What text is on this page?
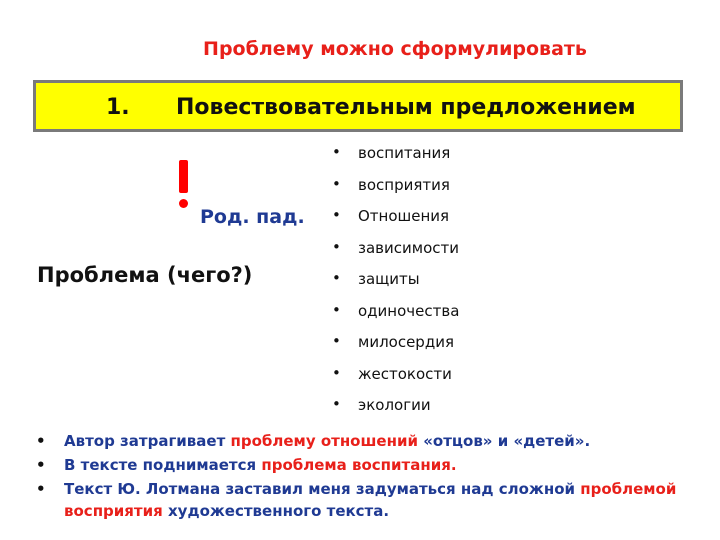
Проблему можно сформулировать
1. Повествовательным предложением
Род. пад.
Проблема (чего?)
• воспитания
• восприятия
• Отношения
• зависимости
• защиты
• одиночества
• милосердия
• жестокости
• экологии
• Автор затрагивает проблему отношений «отцов» и «детей».
• В тексте поднимается проблема воспитания.
• Текст Ю. Лотмана заставил меня задуматься над сложной проблемой восприятия художественного текста.
